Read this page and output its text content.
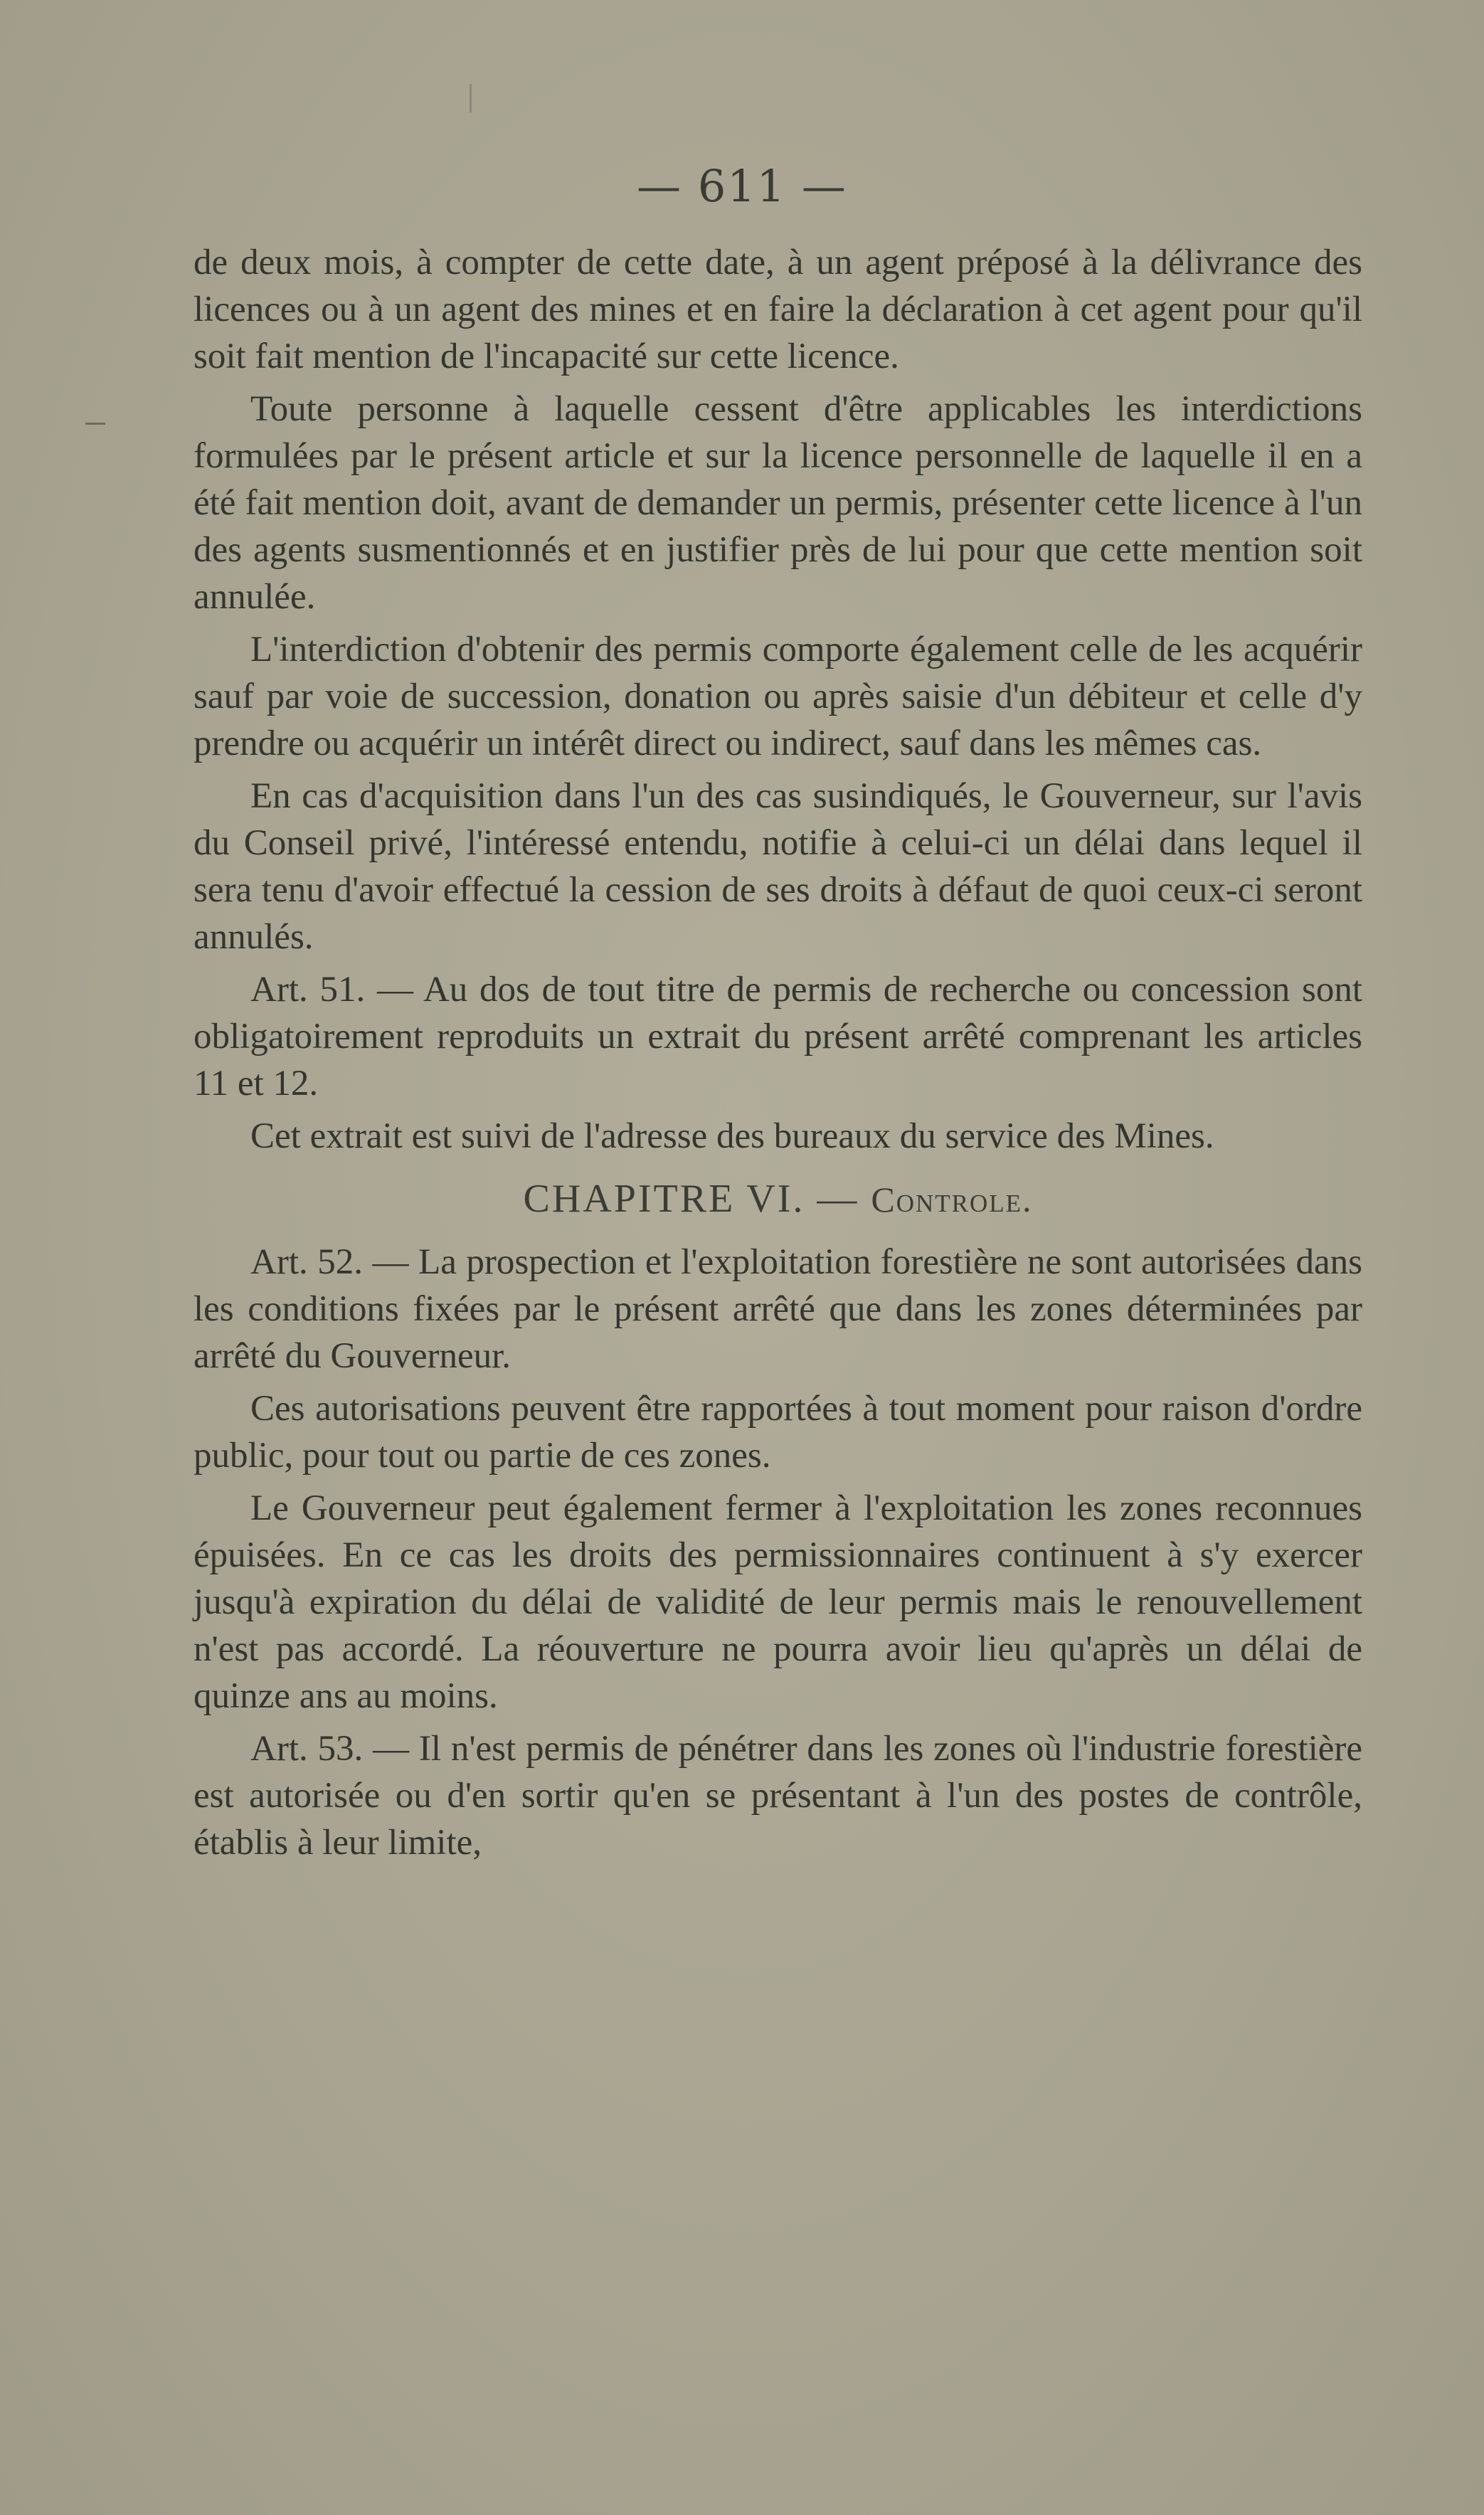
— 611 —

de deux mois, à compter de cette date, à un agent préposé à la délivrance des licences ou à un agent des mines et en faire la déclaration à cet agent pour qu'il soit fait mention de l'incapacité sur cette licence.

Toute personne à laquelle cessent d'être applicables les interdictions formulées par le présent article et sur la licence personnelle de laquelle il en a été fait mention doit, avant de demander un permis, présenter cette licence à l'un des agents susmentionnés et en justifier près de lui pour que cette mention soit annulée.

L'interdiction d'obtenir des permis comporte également celle de les acquérir sauf par voie de succession, donation ou après saisie d'un débiteur et celle d'y prendre ou acquérir un intérêt direct ou indirect, sauf dans les mêmes cas.

En cas d'acquisition dans l'un des cas susindiqués, le Gouverneur, sur l'avis du Conseil privé, l'intéressé entendu, notifie à celui-ci un délai dans lequel il sera tenu d'avoir effectué la cession de ses droits à défaut de quoi ceux-ci seront annulés.

Art. 51. — Au dos de tout titre de permis de recherche ou concession sont obligatoirement reproduits un extrait du présent arrêté comprenant les articles 11 et 12.

Cet extrait est suivi de l'adresse des bureaux du service des Mines.

CHAPITRE VI. — Controle.

Art. 52. — La prospection et l'exploitation forestière ne sont autorisées dans les conditions fixées par le présent arrêté que dans les zones déterminées par arrêté du Gouverneur.

Ces autorisations peuvent être rapportées à tout moment pour raison d'ordre public, pour tout ou partie de ces zones.

Le Gouverneur peut également fermer à l'exploitation les zones reconnues épuisées. En ce cas les droits des permissionnaires continuent à s'y exercer jusqu'à expiration du délai de validité de leur permis mais le renouvellement n'est pas accordé. La réouverture ne pourra avoir lieu qu'après un délai de quinze ans au moins.

Art. 53. — Il n'est permis de pénétrer dans les zones où l'industrie forestière est autorisée ou d'en sortir qu'en se présentant à l'un des postes de contrôle, établis à leur limite,
